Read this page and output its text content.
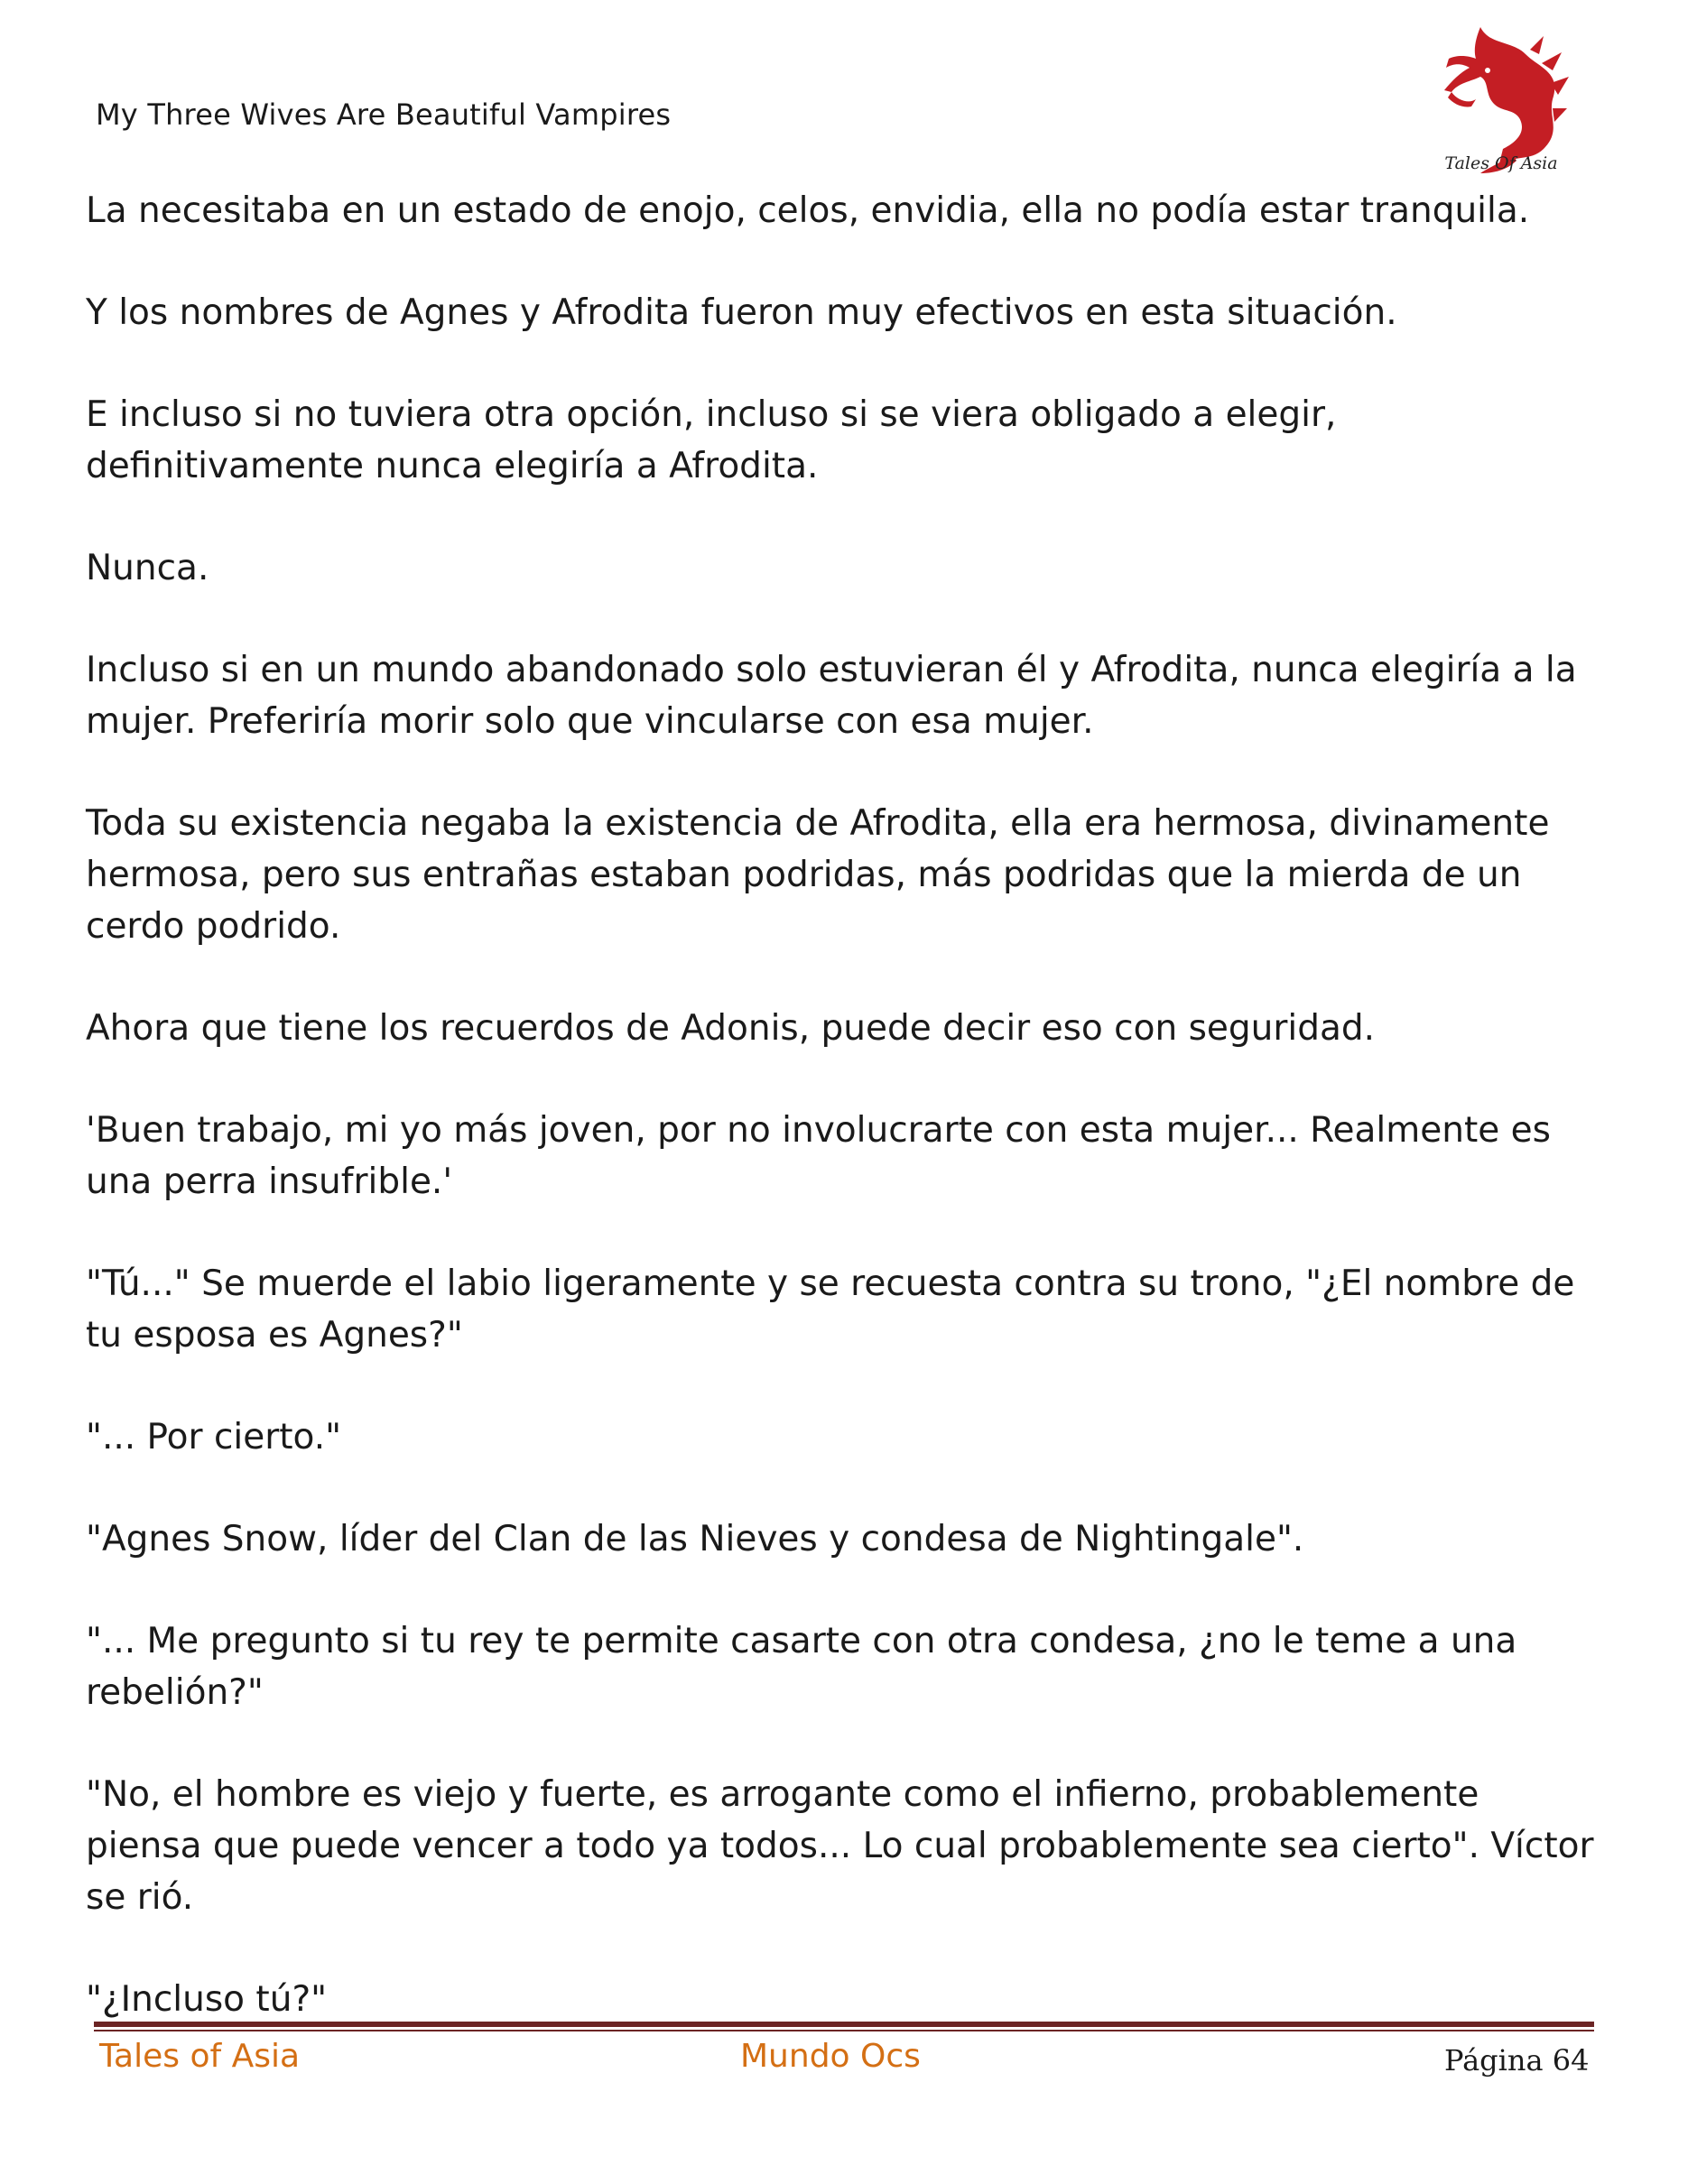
My Three Wives Are Beautiful Vampires
Tales Of Asia

La necesitaba en un estado de enojo, celos, envidia, ella no podía estar tranquila.

Y los nombres de Agnes y Afrodita fueron muy efectivos en esta situación.

E incluso si no tuviera otra opción, incluso si se viera obligado a elegir, definitivamente nunca elegiría a Afrodita.

Nunca.

Incluso si en un mundo abandonado solo estuvieran él y Afrodita, nunca elegiría a la mujer. Preferiría morir solo que vincularse con esa mujer.

Toda su existencia negaba la existencia de Afrodita, ella era hermosa, divinamente hermosa, pero sus entrañas estaban podridas, más podridas que la mierda de un cerdo podrido.

Ahora que tiene los recuerdos de Adonis, puede decir eso con seguridad.

'Buen trabajo, mi yo más joven, por no involucrarte con esta mujer... Realmente es una perra insufrible.'

"Tú..." Se muerde el labio ligeramente y se recuesta contra su trono, "¿El nombre de tu esposa es Agnes?"

"... Por cierto."

"Agnes Snow, líder del Clan de las Nieves y condesa de Nightingale".

"... Me pregunto si tu rey te permite casarte con otra condesa, ¿no le teme a una rebelión?"

"No, el hombre es viejo y fuerte, es arrogante como el infierno, probablemente piensa que puede vencer a todo ya todos... Lo cual probablemente sea cierto". Víctor se rió.

"¿Incluso tú?"

Tales of Asia	Mundo Ocs	Página 64
